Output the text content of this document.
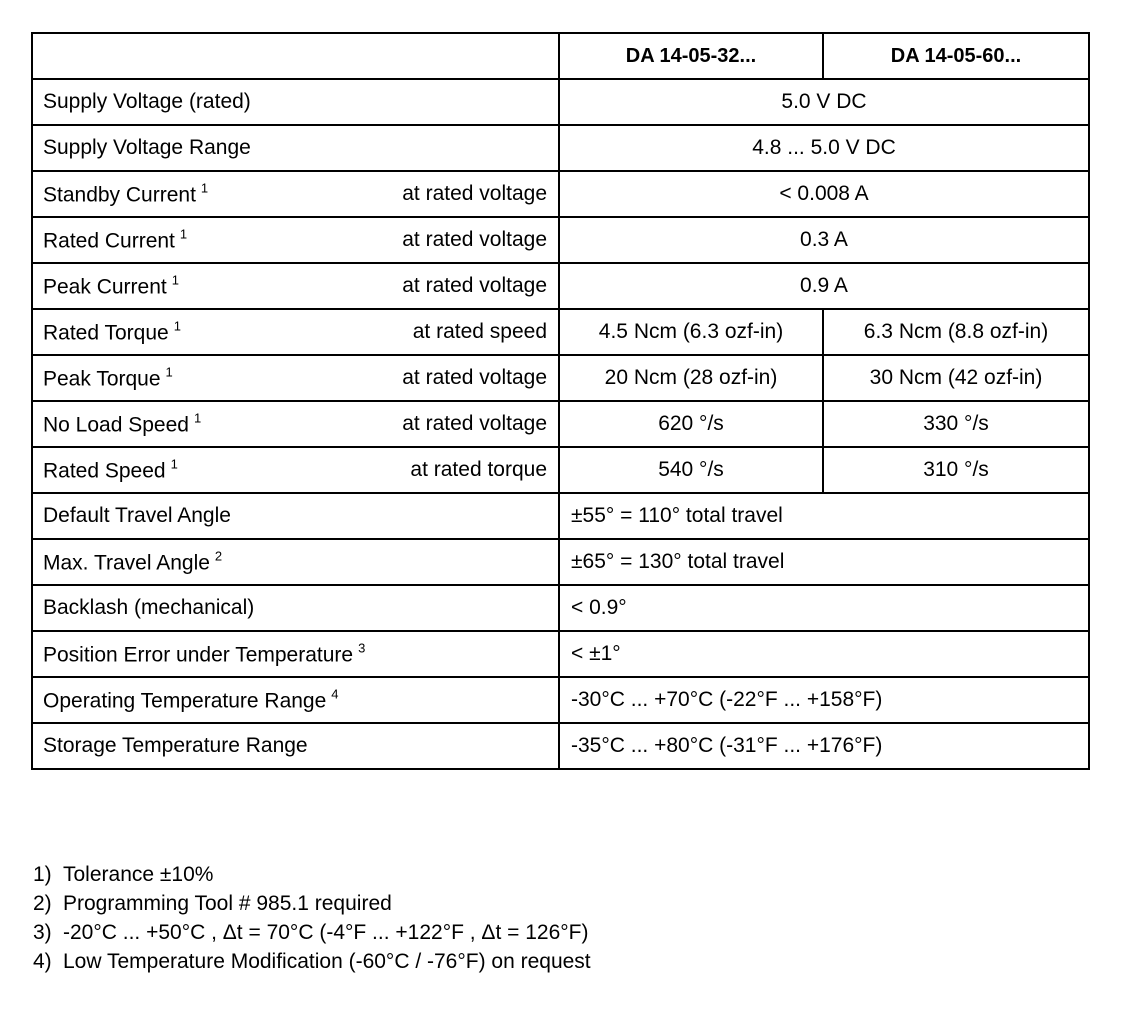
	DA 14-05-32...	DA 14-05-60...

Supply Voltage (rated)	5.0 V DC	

Supply Voltage Range	4.8 ... 5.0 V DC	

Standby Current $^1$ at rated voltage	< 0.008 A	

Rated Current $^1$ at rated voltage	0.3 A	

Peak Current $^1$ at rated voltage	0.9 A	

Rated Torque $^1$ at rated speed	4.5 Ncm (6.3 ozf-in)	6.3 Ncm (8.8 ozf-in)

Peak Torque $^1$ at rated voltage	20 Ncm (28 ozf-in)	30 Ncm (42 ozf-in)

No Load Speed $^1$ at rated voltage	620 °/s	330 °/s

Rated Speed $^1$ at rated torque	540 °/s	310 °/s

Default Travel Angle	±55° = 110° total travel	

Max. Travel Angle $^2$	±65° = 130° total travel	

Backlash (mechanical)	< 0.9°	

Position Error under Temperature $^3$	< ±1°	

Operating Temperature Range $^4$	-30°C ... +70°C (-22°F ... +158°F)	

Storage Temperature Range	-35°C ... +80°C (-31°F ... +176°F)	
1) Tolerance ±10%
2) Programming Tool # 985.1 required
3) -20°C ... +50°C , Δt = 70°C (-4°F ... +122°F , Δt = 126°F)
4) Low Temperature Modification (-60°C / -76°F) on request
